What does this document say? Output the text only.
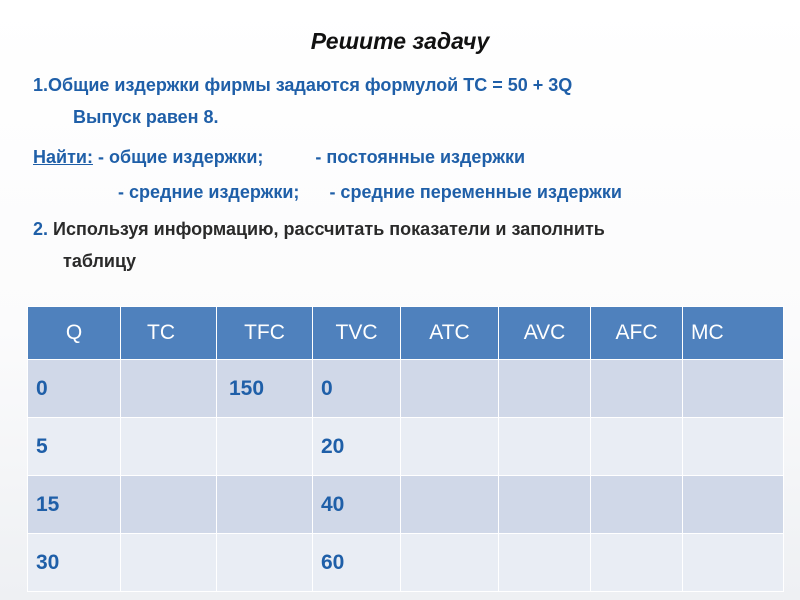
Решите задачу
1.Общие издержки фирмы задаются формулой TC = 50 + 3Q
Выпуск равен 8.
Найти: - общие издержки;	- постоянные издержки
- средние издержки; - средние переменные издержки
2. Используя информацию, рассчитать показатели и заполнить
таблицу
Q	TC	TFC	TVC	ATC	AVC	AFC	MC
0		150	0				
5			20				
15			40				
30			60				
